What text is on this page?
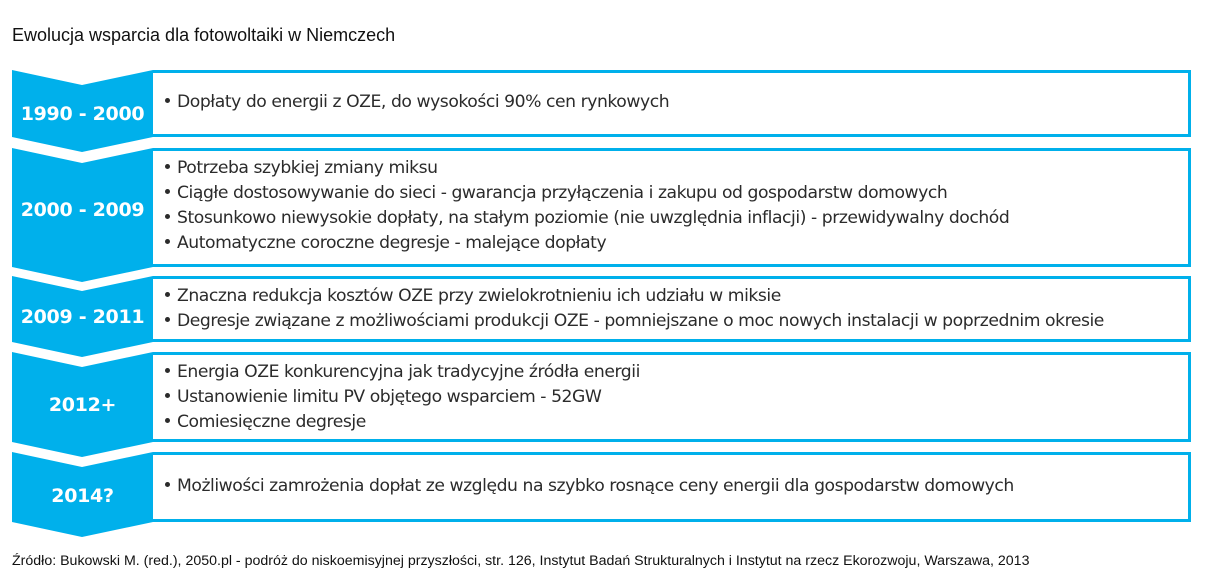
Ewolucja wsparcia dla fotowoltaiki w Niemczech
1990 - 2000
Dopłaty do energii z OZE, do wysokości 90% cen rynkowych
2000 - 2009
Potrzeba szybkiej zmiany miksu
Ciągłe dostosowywanie do sieci - gwarancja przyłączenia i zakupu od gospodarstw domowych
Stosunkowo niewysokie dopłaty, na stałym poziomie (nie uwzględnia inflacji) - przewidywalny dochód
Automatyczne coroczne degresje - malejące dopłaty
2009 - 2011
Znaczna redukcja kosztów OZE przy zwielokrotnieniu ich udziału w miksie
Degresje związane z możliwościami produkcji OZE - pomniejszane o moc nowych instalacji w poprzednim okresie
2012+
Energia OZE konkurencyjna jak tradycyjne źródła energii
Ustanowienie limitu PV objętego wsparciem - 52GW
Comiesięczne degresje
2014?	Możliwości zamrożenia dopłat ze względu na szybko rosnące ceny energii dla gospodarstw domowych
Źródło: Bukowski M. (red.), 2050.pl - podróż do niskoemisyjnej przyszłości, str. 126, Instytut Badań Strukturalnych i Instytut na rzecz Ekorozwoju, Warszawa, 2013
